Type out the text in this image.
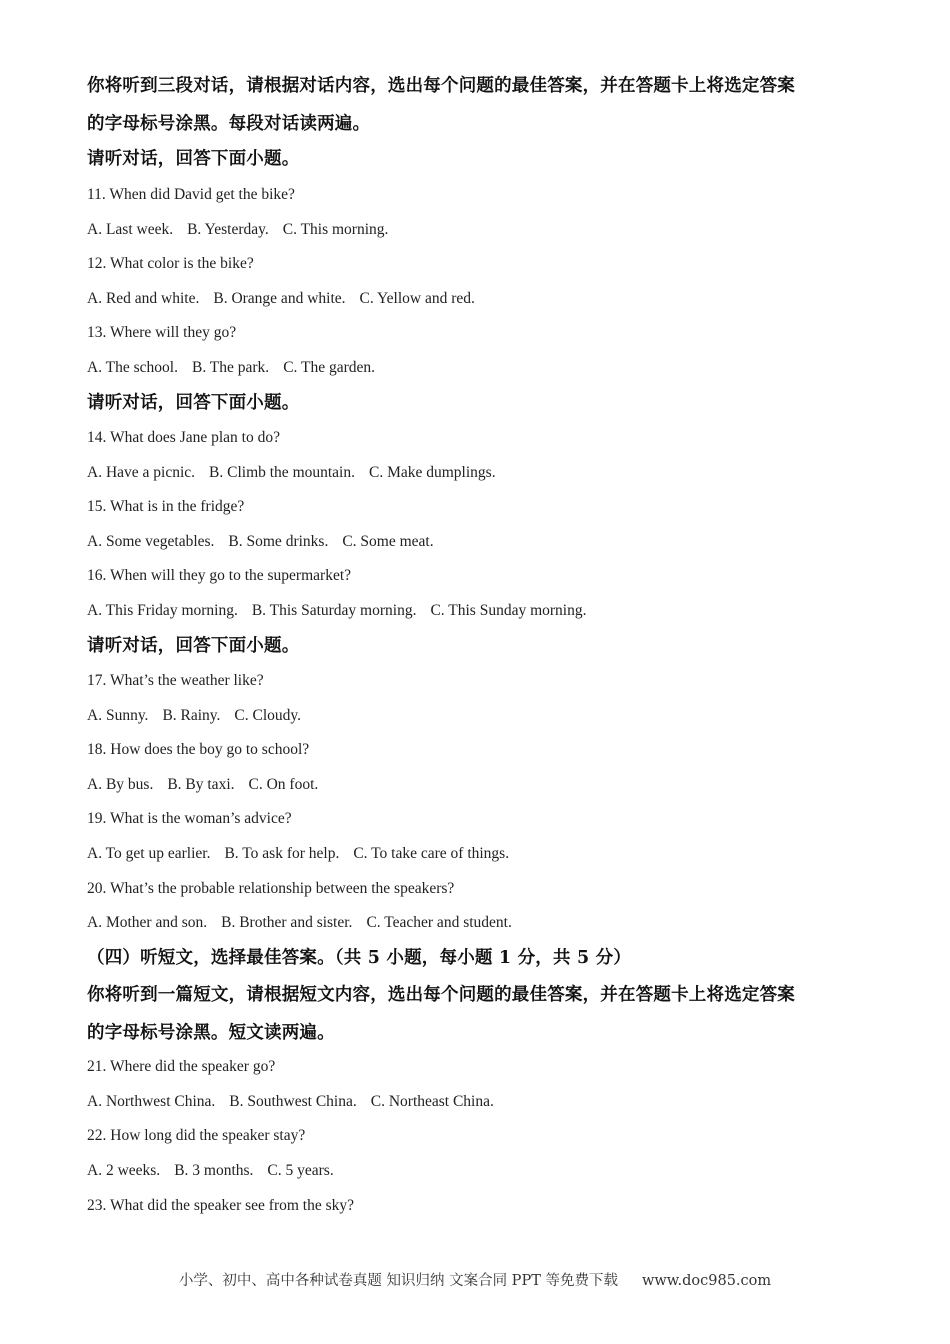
你将听到三段对话，请根据对话内容，选出每个问题的最佳答案，并在答题卡上将选定答案
的字母标号涂黑。每段对话读两遍。
请听对话，回答下面小题。
11. When did David get the bike?
A. Last week. B. Yesterday. C. This morning.
12. What color is the bike?
A. Red and white. B. Orange and white. C. Yellow and red.
13. Where will they go?
A. The school. B. The park. C. The garden.
请听对话，回答下面小题。
14. What does Jane plan to do?
A. Have a picnic. B. Climb the mountain. C. Make dumplings.
15. What is in the fridge?
A. Some vegetables. B. Some drinks. C. Some meat.
16. When will they go to the supermarket?
A. This Friday morning. B. This Saturday morning. C. This Sunday morning.
请听对话，回答下面小题。
17. What’s the weather like?
A. Sunny. B. Rainy. C. Cloudy.
18. How does the boy go to school?
A. By bus. B. By taxi. C. On foot.
19. What is the woman’s advice?
A. To get up earlier. B. To ask for help. C. To take care of things.
20. What’s the probable relationship between the speakers?
A. Mother and son. B. Brother and sister. C. Teacher and student.
（四）听短文，选择最佳答案。（共 5 小题，每小题 1 分，共 5 分）
你将听到一篇短文，请根据短文内容，选出每个问题的最佳答案，并在答题卡上将选定答案
的字母标号涂黑。短文读两遍。
21. Where did the speaker go?
A. Northwest China. B. Southwest China. C. Northeast China.
22. How long did the speaker stay?
A. 2 weeks. B. 3 months. C. 5 years.
23. What did the speaker see from the sky?
小学、初中、高中各种试卷真题 知识归纳 文案合同 PPT 等免费下载 www.doc985.com
